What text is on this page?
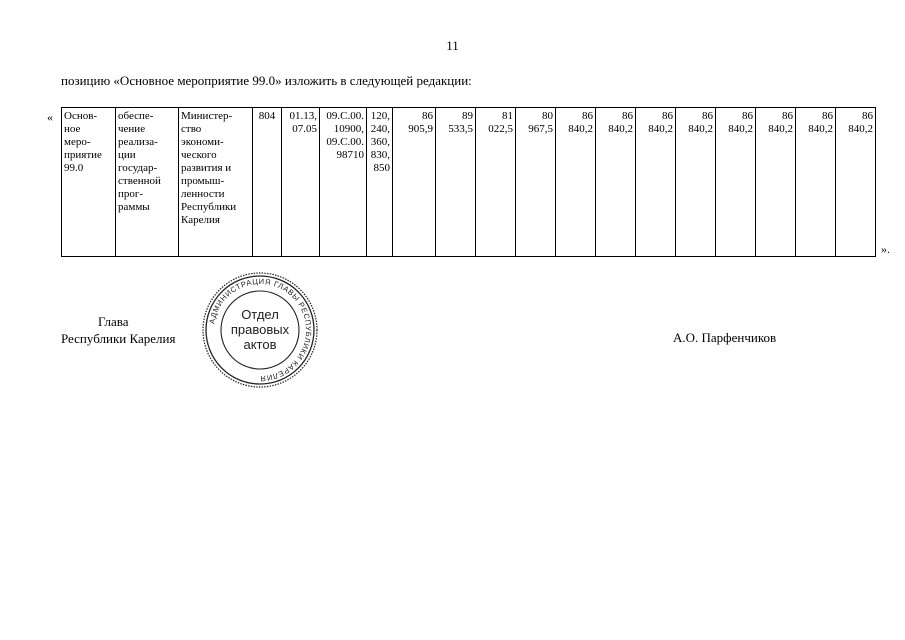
11
позицию «Основное мероприятие 99.0» изложить в следующей редакции:
« Основ-
ное
меро-
приятие
99.0

обеспе-
чение
реализа-
ции
государ-
ственной
прог-
раммы

Министер-
ство
экономи-
ческого
развития и
промыш-
ленности
Республики
Карелия

804	01.13,
07.05

09.С.00.
10900,
09.С.00.
98710

120,
240,
360,
830,
850

86
905,9

89
533,5

81
022,5

80
967,5

86
840,2

86
840,2

86
840,2

86
840,2

86
840,2

86
840,2

86
840,2

86
840,2
».
Глава
Республики Карелия
АДМИНИСТРАЦИЯ ГЛАВЫ РЕСПУБЛИКИ КАРЕЛИЯ
Отдел
правовых
актов	А.О. Парфенчиков
